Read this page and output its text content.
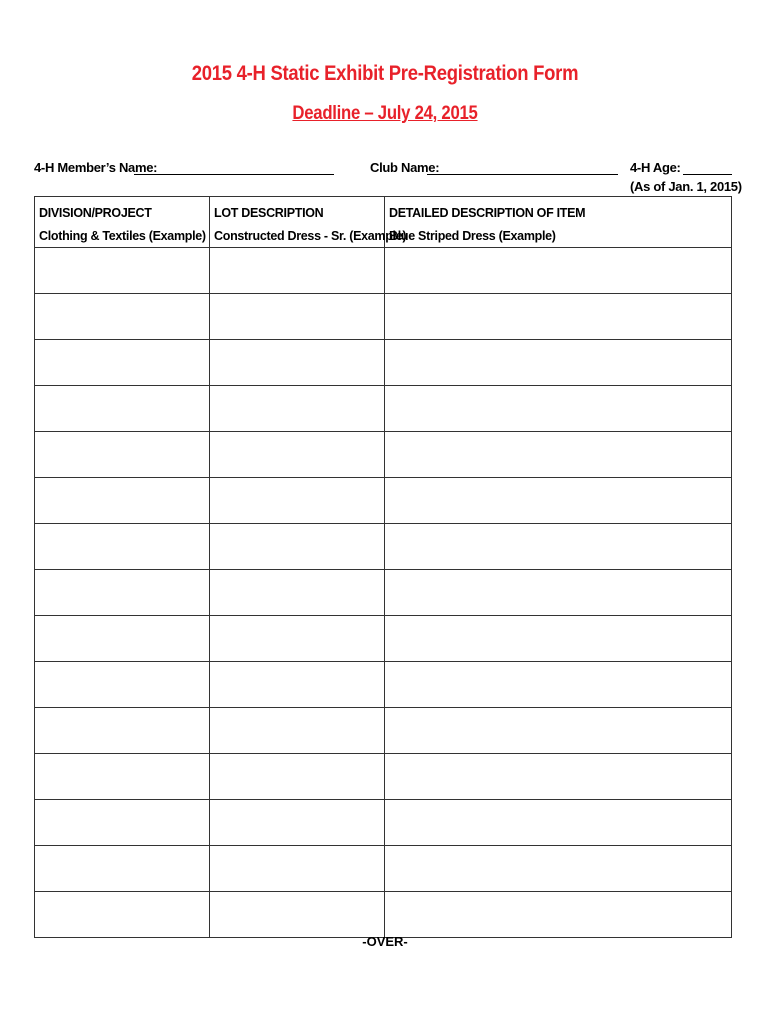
2015 4-H Static Exhibit Pre-Registration Form
Deadline – July 24, 2015
4-H Member’s Name:	Club Name:	4-H Age:
(As of Jan. 1, 2015)
DIVISION/PROJECT	LOT DESCRIPTION	DETAILED DESCRIPTION OF ITEM
Clothing & Textiles (Example)	Constructed Dress - Sr. (Example)	Blue Striped Dress (Example)

-OVER-
